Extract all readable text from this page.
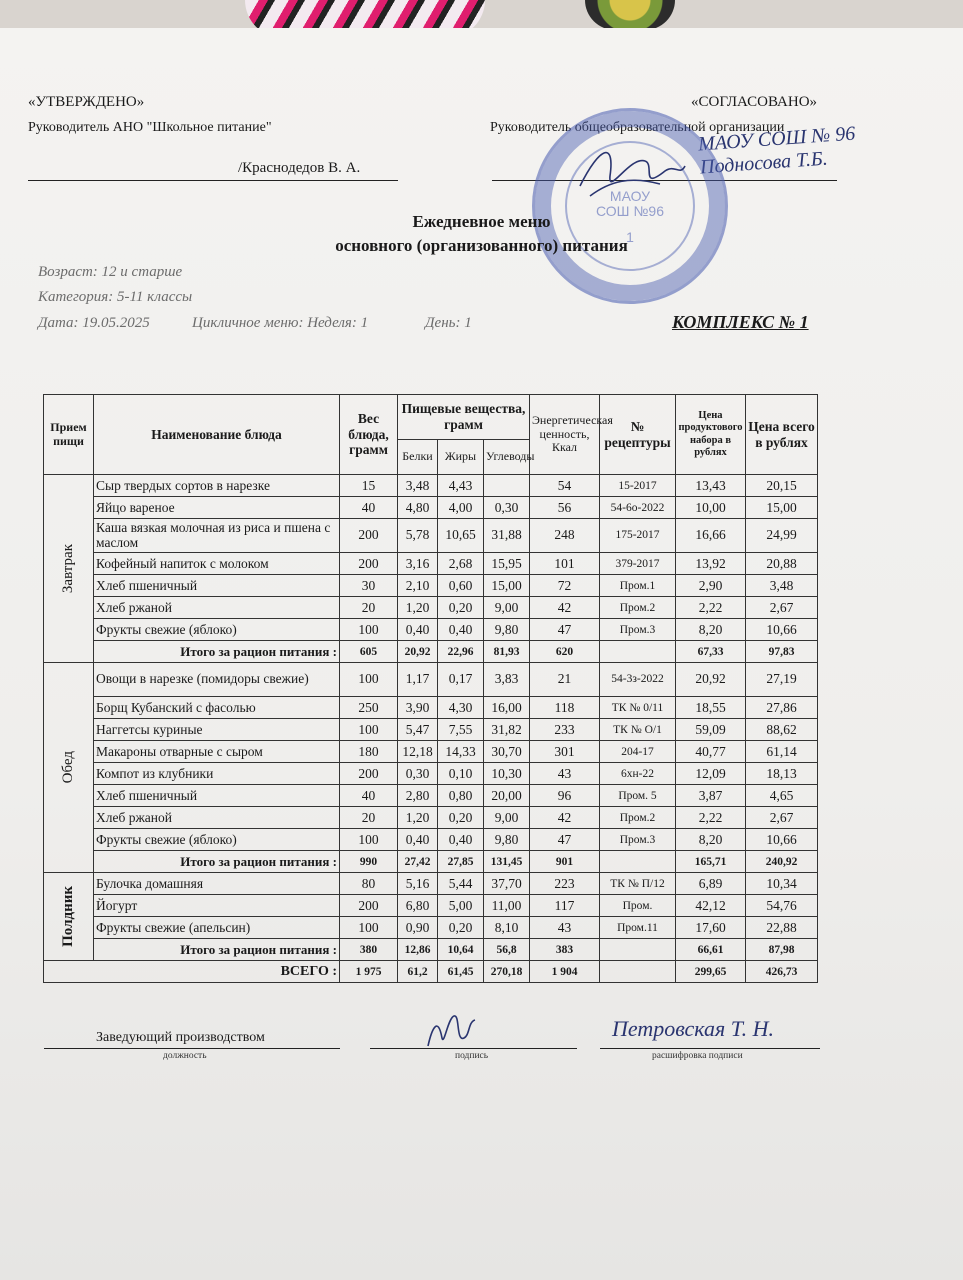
«УТВЕРЖДЕНО»
Руководитель АНО "Школьное питание"
/Краснодедов В. А.
«СОГЛАСОВАНО»
Руководитель общеобразовательной организации
МАОУ СОШ № 96
Подносова Т.Б.
МАОУ
СОШ №96
1
Ежедневное меню
основного (организованного) питания
Возраст: 12 и старше
Категория: 5-11 классы
Дата: 19.05.2025	Цикличное меню: Неделя: 1	День: 1	КОМПЛЕКС № 1
Прием пищи	Наименование блюда	Вес блюда, грамм	Пищевые вещества, грамм			Энергетическая ценность, Ккал	№ рецептуры	Цена продуктового набора в рублях	Цена всего в рублях
			Белки	Жиры	Углеводы				

Завтрак	Сыр твердых сортов в нарезке	15	3,48	4,43		54	15-2017	13,43	20,15
	Яйцо вареное	40	4,80	4,00	0,30	56	54-6о-2022	10,00	15,00
	Каша вязкая молочная из риса и пшена с маслом	200	5,78	10,65	31,88	248	175-2017	16,66	24,99
	Кофейный напиток с молоком	200	3,16	2,68	15,95	101	379-2017	13,92	20,88
	Хлеб пшеничный	30	2,10	0,60	15,00	72	Пром.1	2,90	3,48
	Хлеб ржаной	20	1,20	0,20	9,00	42	Пром.2	2,22	2,67
	Фрукты свежие (яблоко)	100	0,40	0,40	9,80	47	Пром.3	8,20	10,66
	Итого за рацион питания :	605	20,92	22,96	81,93	620		67,33	97,83

Обед	Овощи в нарезке (помидоры свежие)	100	1,17	0,17	3,83	21	54-3з-2022	20,92	27,19
	Борщ Кубанский с фасолью	250	3,90	4,30	16,00	118	ТК № 0/11	18,55	27,86
	Наггетсы куриные	100	5,47	7,55	31,82	233	ТК № О/1	59,09	88,62
	Макароны отварные с сыром	180	12,18	14,33	30,70	301	204-17	40,77	61,14
	Компот из клубники	200	0,30	0,10	10,30	43	6хн-22	12,09	18,13
	Хлеб пшеничный	40	2,80	0,80	20,00	96	Пром. 5	3,87	4,65
	Хлеб ржаной	20	1,20	0,20	9,00	42	Пром.2	2,22	2,67
	Фрукты свежие (яблоко)	100	0,40	0,40	9,80	47	Пром.3	8,20	10,66
	Итого за рацион питания :	990	27,42	27,85	131,45	901		165,71	240,92

Полдник	Булочка домашняя	80	5,16	5,44	37,70	223	ТК № П/12	6,89	10,34
	Йогурт	200	6,80	5,00	11,00	117	Пром.	42,12	54,76
	Фрукты свежие (апельсин)	100	0,90	0,20	8,10	43	Пром.11	17,60	22,88
	Итого за рацион питания :	380	12,86	10,64	56,8	383		66,61	87,98
ВСЕГО :		1 975	61,2	61,45	270,18	1 904		299,65	426,73
Заведующий производством
должность	подпись	расшифровка подписи
Петровская Т. Н.
